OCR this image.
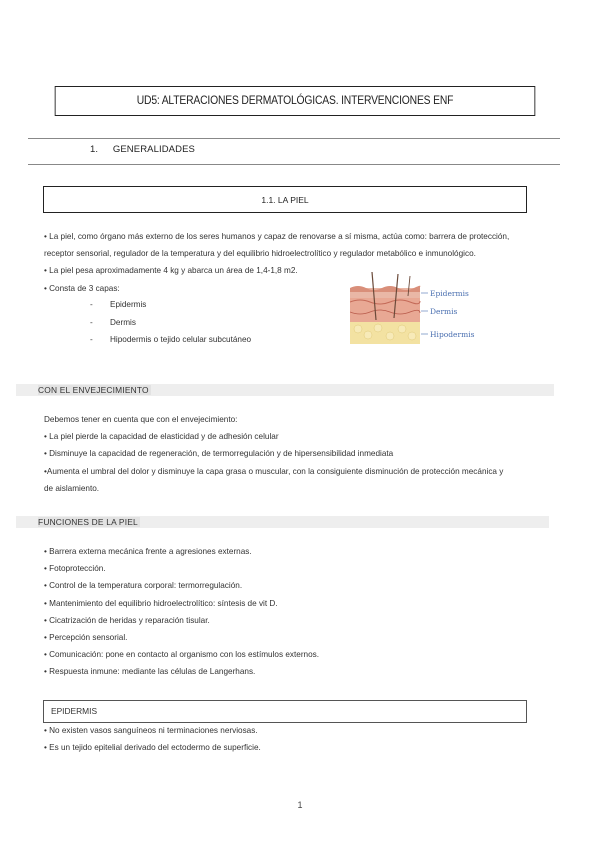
UD5: ALTERACIONES DERMATOLÓGICAS. INTERVENCIONES ENF
1. GENERALIDADES
1.1. LA PIEL
• La piel, como órgano más externo de los seres humanos y capaz de renovarse a sí misma, actúa como: barrera de protección,
receptor sensorial, regulador de la temperatura y del equilibrio hidroelectrolítico y regulador metabólico e inmunológico.
• La piel pesa aproximadamente 4 kg y abarca un área de 1,4-1,8 m2.
• Consta de 3 capas:
- Epidermis
- Dermis
- Hipodermis o tejido celular subcutáneo
Epidermis
Dermis
Hipodermis
CON EL ENVEJECIMIENTO
Debemos tener en cuenta que con el envejecimiento:
• La piel pierde la capacidad de elasticidad y de adhesión celular
• Disminuye la capacidad de regeneración, de termorregulación y de hipersensibilidad inmediata
•Aumenta el umbral del dolor y disminuye la capa grasa o muscular, con la consiguiente disminución de protección mecánica y
de aislamiento.
FUNCIONES DE LA PIEL
• Barrera externa mecánica frente a agresiones externas.
• Fotoprotección.
• Control de la temperatura corporal: termorregulación.
• Mantenimiento del equilibrio hidroelectrolítico: síntesis de vit D.
• Cicatrización de heridas y reparación tisular.
• Percepción sensorial.
• Comunicación: pone en contacto al organismo con los estímulos externos.
• Respuesta inmune: mediante las células de Langerhans.
EPIDERMIS
• No existen vasos sanguíneos ni terminaciones nerviosas.
• Es un tejido epitelial derivado del ectodermo de superficie.
1
